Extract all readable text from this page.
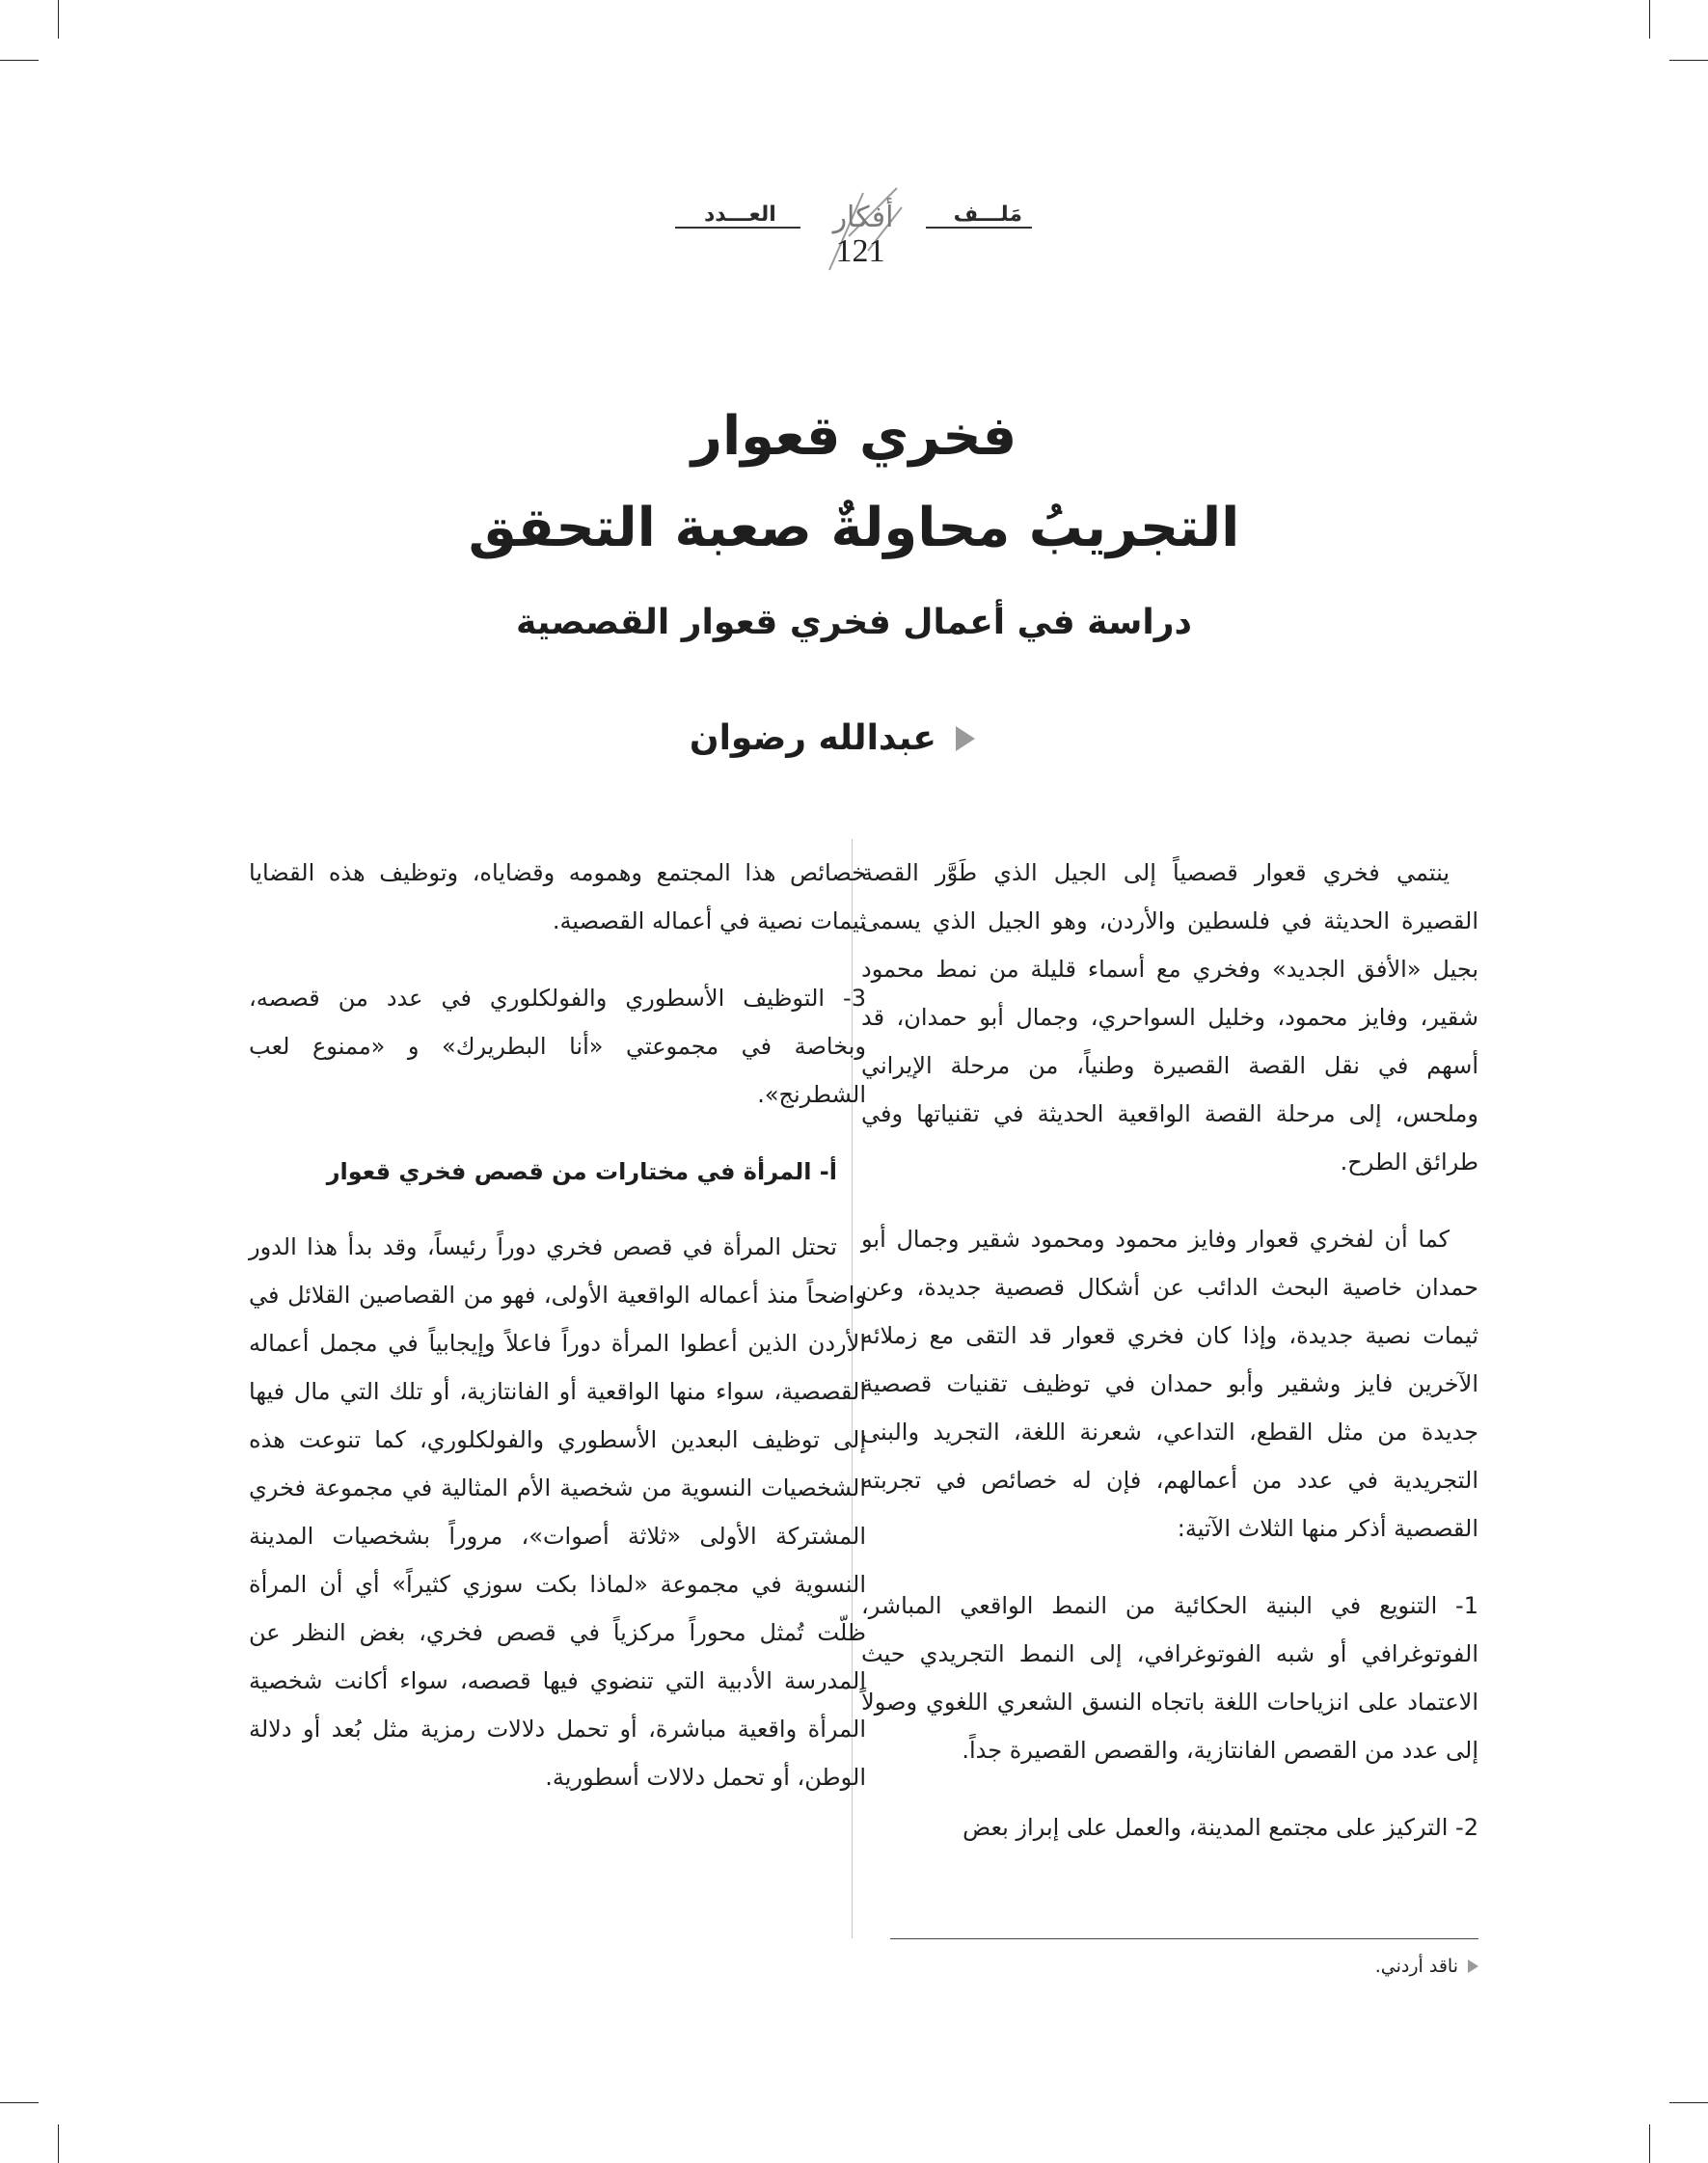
مَلـــف
العـــدد أفكار
121
فخري قعوار
التجريبُ محاولةٌ صعبة التحقق
دراسة في أعمال فخري قعوار القصصية
عبدالله رضوان

ينتمي فخري قعوار قصصياً إلى الجيل الذي طَوَّر القصة القصيرة الحديثة في فلسطين والأردن، وهو الجيل الذي يسمى بجيل «الأفق الجديد» وفخري مع أسماء قليلة من نمط محمود شقير، وفايز محمود، وخليل السواحري، وجمال أبو حمدان، قد أسهم في نقل القصة القصيرة وطنياً، من مرحلة الإيراني وملحس، إلى مرحلة القصة الواقعية الحديثة في تقنياتها وفي طرائق الطرح.

كما أن لفخري قعوار وفايز محمود ومحمود شقير وجمال أبو حمدان خاصية البحث الدائب عن أشكال قصصية جديدة، وعن ثيمات نصية جديدة، وإذا كان فخري قعوار قد التقى مع زملائه الآخرين فايز وشقير وأبو حمدان في توظيف تقنيات قصصية جديدة من مثل القطع، التداعي، شعرنة اللغة، التجريد والبنى التجريدية في عدد من أعمالهم، فإن له خصائص في تجربته القصصية أذكر منها الثلاث الآتية:

1- التنويع في البنية الحكائية من النمط الواقعي المباشر، الفوتوغرافي أو شبه الفوتوغرافي، إلى النمط التجريدي حيث الاعتماد على انزياحات اللغة باتجاه النسق الشعري اللغوي وصولاً إلى عدد من القصص الفانتازية، والقصص القصيرة جداً.

2- التركيز على مجتمع المدينة، والعمل على إبراز بعض

خصائص هذا المجتمع وهمومه وقضاياه، وتوظيف هذه القضايا ثيمات نصية في أعماله القصصية.

3- التوظيف الأسطوري والفولكلوري في عدد من قصصه، وبخاصة في مجموعتي «أنا البطريرك» و «ممنوع لعب الشطرنج».

أ- المرأة في مختارات من قصص فخري قعوار

تحتل المرأة في قصص فخري دوراً رئيساً، وقد بدأ هذا الدور واضحاً منذ أعماله الواقعية الأولى، فهو من القصاصين القلائل في الأردن الذين أعطوا المرأة دوراً فاعلاً وإيجابياً في مجمل أعماله القصصية، سواء منها الواقعية أو الفانتازية، أو تلك التي مال فيها إلى توظيف البعدين الأسطوري والفولكلوري، كما تنوعت هذه الشخصيات النسوية من شخصية الأم المثالية في مجموعة فخري المشتركة الأولى «ثلاثة أصوات»، مروراً بشخصيات المدينة النسوية في مجموعة «لماذا بكت سوزي كثيراً» أي أن المرأة ظلّت تُمثل محوراً مركزياً في قصص فخري، بغض النظر عن المدرسة الأدبية التي تنضوي فيها قصصه، سواء أكانت شخصية المرأة واقعية مباشرة، أو تحمل دلالات رمزية مثل بُعد أو دلالة الوطن، أو تحمل دلالات أسطورية.

ناقد أردني.
